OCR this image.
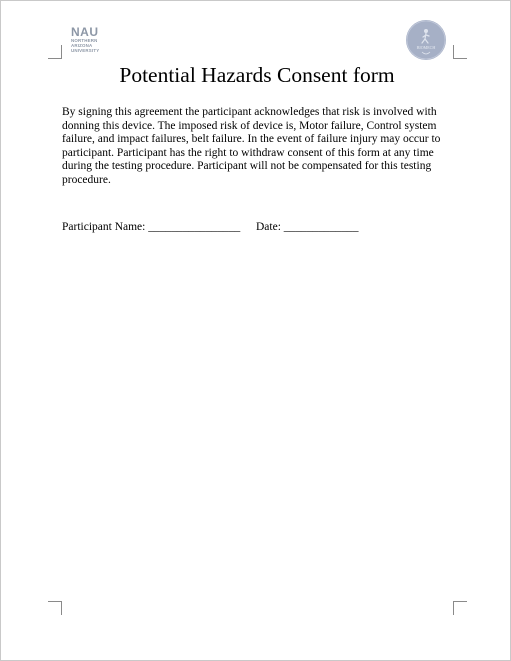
NAU
NORTHERN
ARIZONA
UNIVERSITY
BIOMECH
Potential Hazards Consent form

By signing this agreement the participant acknowledges that risk is involved with donning this device. The imposed risk of device is, Motor failure, Control system failure, and impact failures, belt failure. In the event of failure injury may occur to participant. Participant has the right to withdraw consent of this form at any time during the testing procedure. Participant will not be compensated for this testing procedure.

Participant Name: ________________ Date: _____________
